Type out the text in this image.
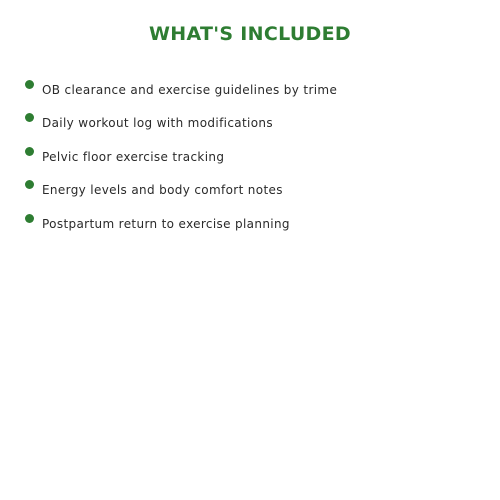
WHAT'S INCLUDED
OB clearance and exercise guidelines by trime
Daily workout log with modifications
Pelvic floor exercise tracking
Energy levels and body comfort notes
Postpartum return to exercise planning
